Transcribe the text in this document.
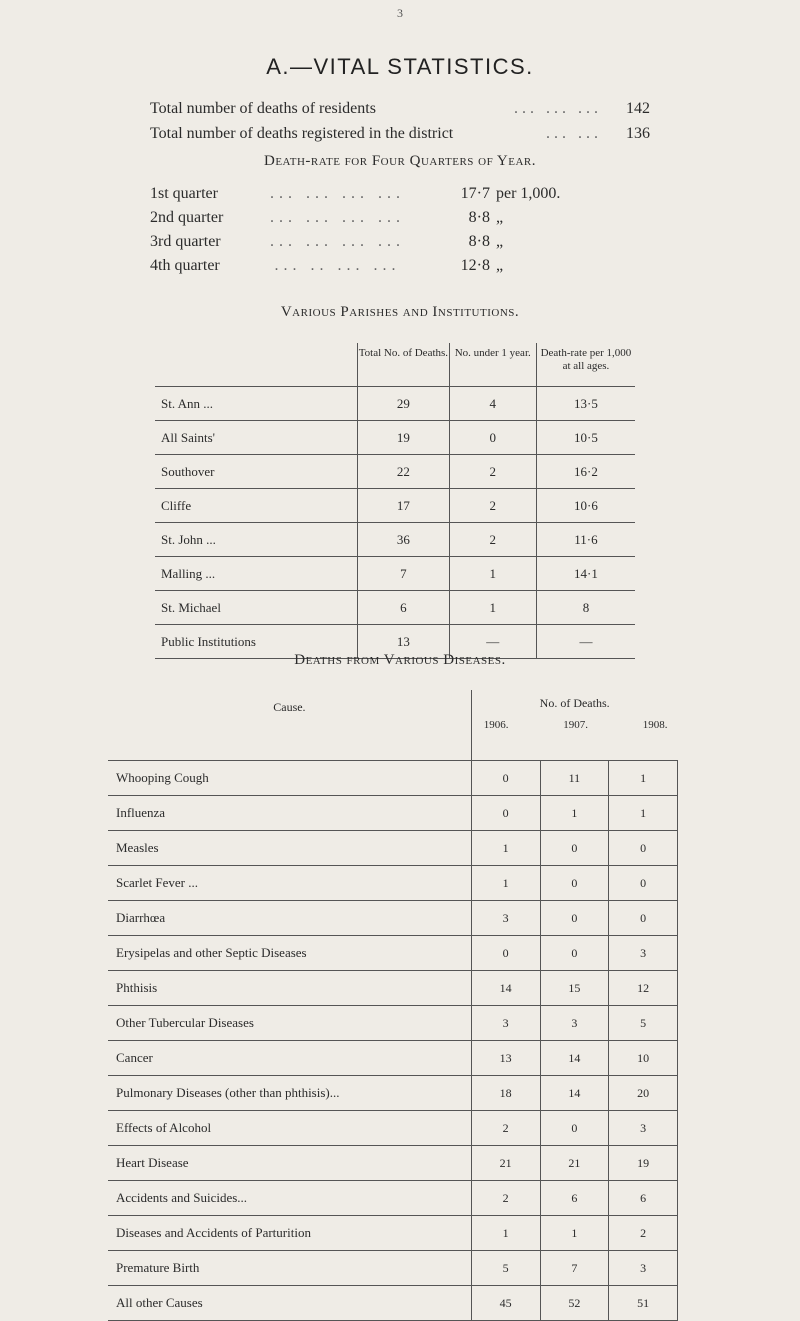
3
A.—VITAL STATISTICS.
Total number of deaths of residents	... ... ...	142
Total number of deaths registered in the district	... ...	136
Death-rate for Four Quarters of Year.
1st quarter	... ... ... ...	17·7 per 1,000.
2nd quarter	... ... ... ...	8·8 „
3rd quarter	... ... ... ...	8·8 „
4th quarter	... .. ... ...	12·8 „
Various Parishes and Institutions.
	Total No. of Deaths.	No. under 1 year.	Death-rate per 1,000 at all ages.
St. Ann ...	29	4	13·5
All Saints'	19	0	10·5
Southover	22	2	16·2
Cliffe	17	2	10·6
St. John ...	36	2	11·6
Malling ...	7	1	14·1
St. Michael	6	1	8
Public Institutions	13	—	—
Deaths from Various Diseases.
Cause.	No. of Deaths.
1906. 1907. 1908.		

Whooping Cough	0	11	1
Influenza	0	1	1
Measles	1	0	0
Scarlet Fever ...	1	0	0
Diarrhœa	3	0	0
Erysipelas and other Septic Diseases	0	0	3
Phthisis	14	15	12
Other Tubercular Diseases	3	3	5
Cancer	13	14	10
Pulmonary Diseases (other than phthisis)...	18	14	20
Effects of Alcohol	2	0	3
Heart Disease	21	21	19
Accidents and Suicides...	2	6	6
Diseases and Accidents of Parturition	1	1	2
Premature Birth	5	7	3
All other Causes	45	52	51
